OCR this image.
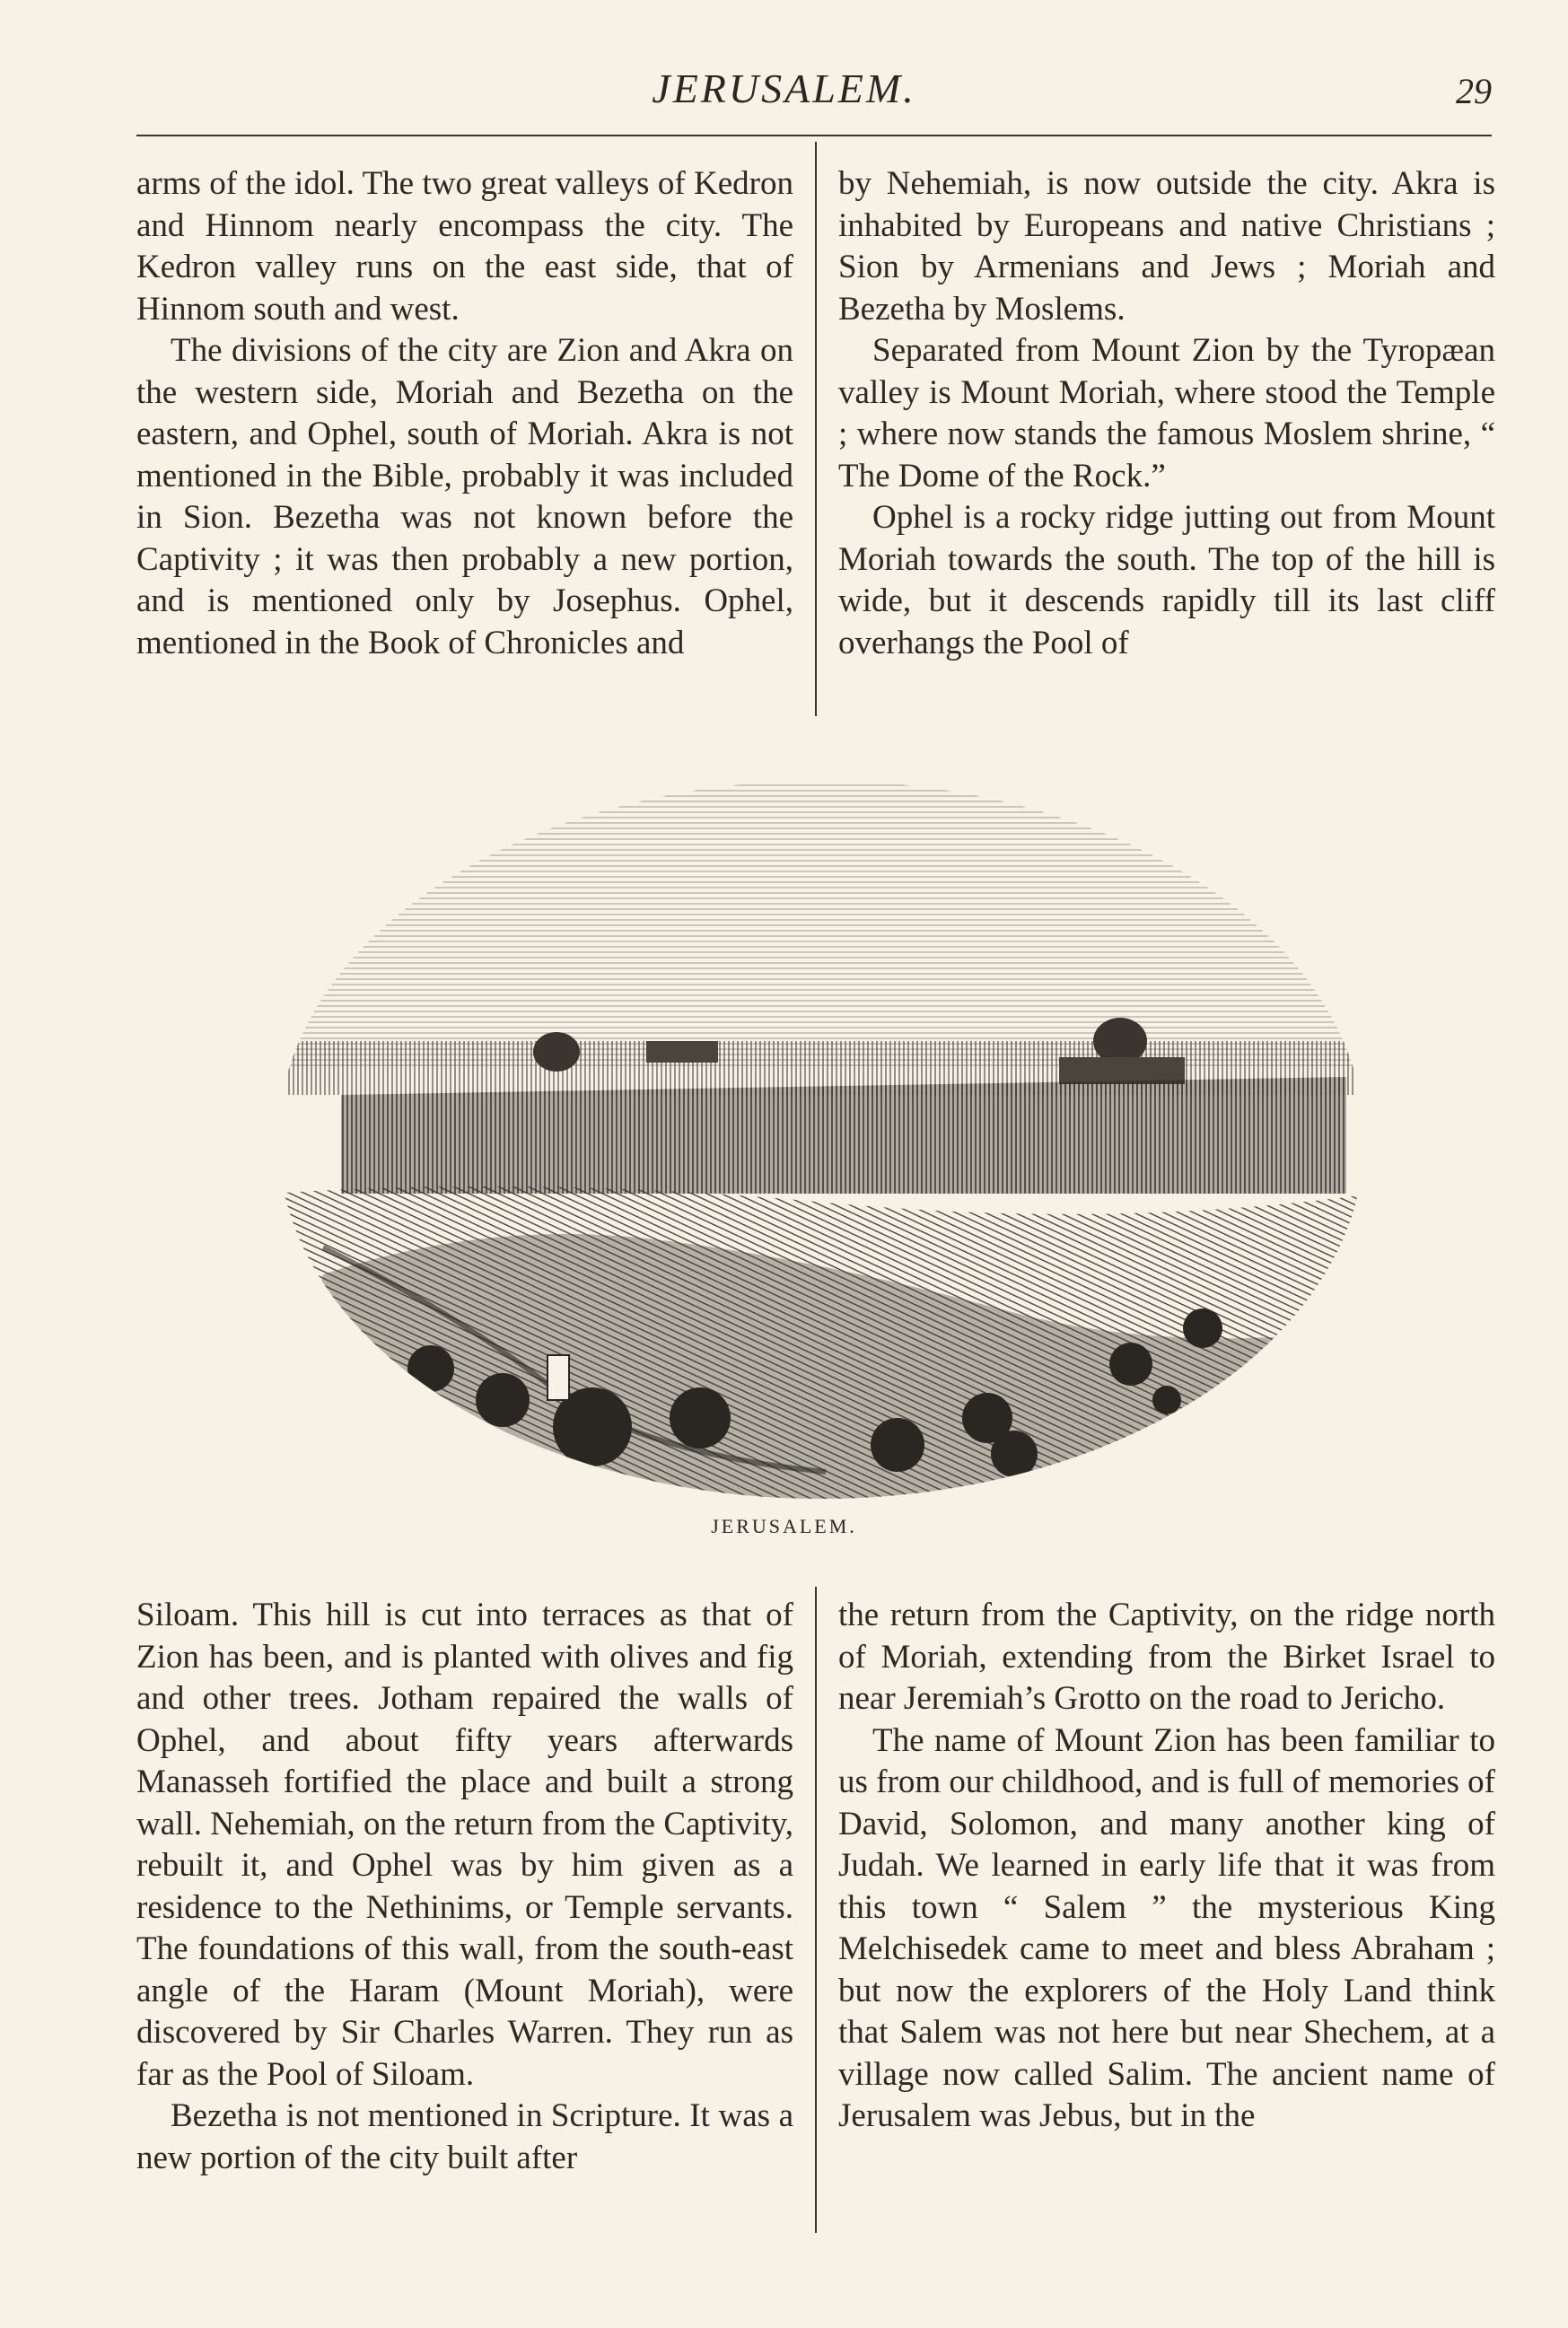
JERUSALEM.	29

arms of the idol. The two great valleys of Kedron and Hinnom nearly encompass the city. The Kedron valley runs on the east side, that of Hinnom south and west.

The divisions of the city are Zion and Akra on the western side, Moriah and Bezetha on the eastern, and Ophel, south of Moriah. Akra is not mentioned in the Bible, probably it was included in Sion. Bezetha was not known before the Captivity ; it was then probably a new portion, and is mentioned only by Josephus. Ophel, mentioned in the Book of Chronicles and

by Nehemiah, is now outside the city. Akra is inhabited by Europeans and native Christians ; Sion by Armenians and Jews ; Moriah and Bezetha by Moslems.

Separated from Mount Zion by the Tyropæan valley is Mount Moriah, where stood the Temple ; where now stands the famous Moslem shrine, “ The Dome of the Rock.”

Ophel is a rocky ridge jutting out from Mount Moriah towards the south. The top of the hill is wide, but it descends rapidly till its last cliff overhangs the Pool of

JERUSALEM.

Siloam. This hill is cut into terraces as that of Zion has been, and is planted with olives and fig and other trees. Jotham repaired the walls of Ophel, and about fifty years afterwards Manasseh fortified the place and built a strong wall. Nehemiah, on the return from the Captivity, rebuilt it, and Ophel was by him given as a residence to the Nethinims, or Temple servants. The foundations of this wall, from the south-east angle of the Haram (Mount Moriah), were discovered by Sir Charles Warren. They run as far as the Pool of Siloam.

Bezetha is not mentioned in Scripture. It was a new portion of the city built after

the return from the Captivity, on the ridge north of Moriah, extending from the Birket Israel to near Jeremiah’s Grotto on the road to Jericho.

The name of Mount Zion has been familiar to us from our childhood, and is full of memories of David, Solomon, and many another king of Judah. We learned in early life that it was from this town “ Salem ” the mysterious King Melchisedek came to meet and bless Abraham ; but now the explorers of the Holy Land think that Salem was not here but near Shechem, at a village now called Salim. The ancient name of Jerusalem was Jebus, but in the
